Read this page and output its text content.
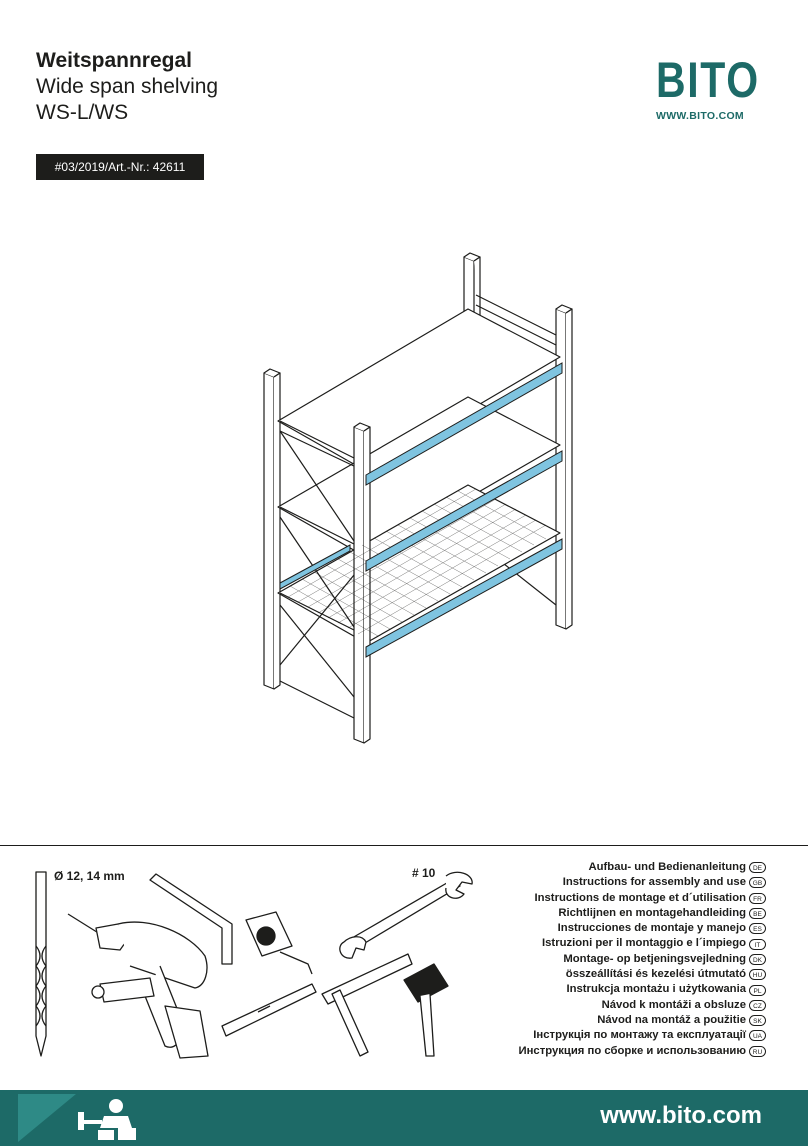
Weitspannregal
Wide span shelving
WS-L/WS
#03/2019/Art.-Nr.: 42611
BITO
WWW.BITO.COM
Ø 12, 14 mm	# 10	Aufbau- und Bedienanleitung	DE
Instructions for assembly and use	GB
Instructions de montage et d´utilisation	FR
Richtlijnen en montagehandleiding	BE
Instrucciones de montaje y manejo	ES
Istruzioni per il montaggio e l´impiego	IT
Montage- op betjeningsvejledning	DK
összeállítási és kezelési útmutató	HU
Instrukcja montażu i użytkowania	PL
Návod k montáži a obsluze	CZ
Návod na montáž a použitie	SK
Інструкція по монтажу та експлуатації	UA
Инструкция по сборке и использованию	RU
www.bito.com
